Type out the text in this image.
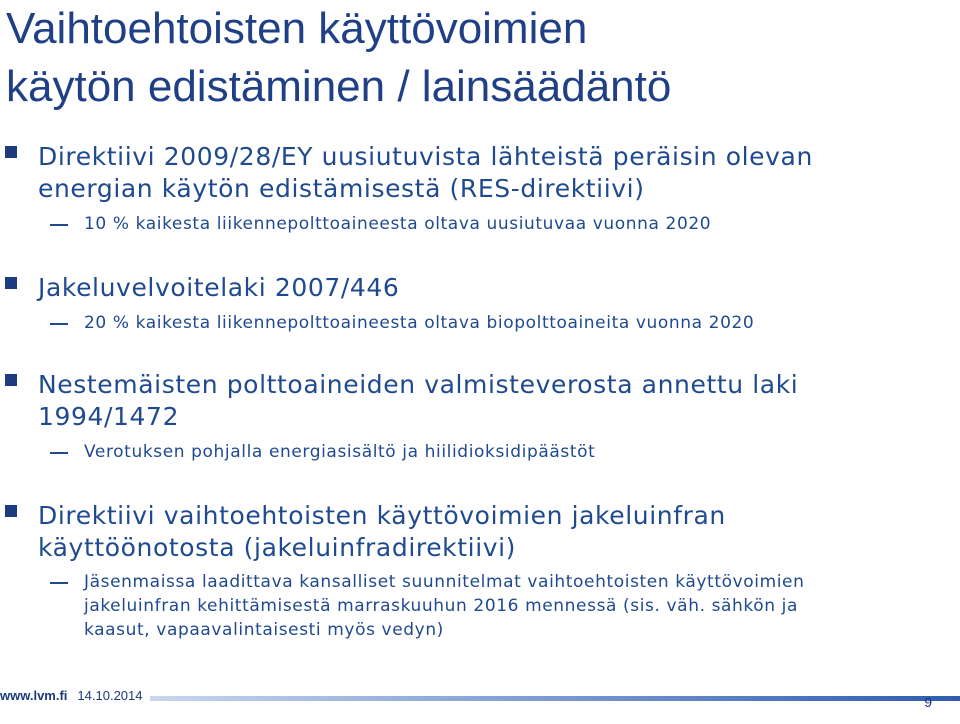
Vaihtoehtoisten käyttövoimien
käytön edistäminen / lainsäädäntö
Direktiivi 2009/28/EY uusiutuvista lähteistä peräisin olevan
energian käytön edistämisestä (RES-direktiivi)
10 % kaikesta liikennepolttoaineesta oltava uusiutuvaa vuonna 2020
Jakeluvelvoitelaki 2007/446
20 % kaikesta liikennepolttoaineesta oltava biopolttoaineita vuonna 2020
Nestemäisten polttoaineiden valmisteverosta annettu laki
1994/1472
Verotuksen pohjalla energiasisältö ja hiilidioksidipäästöt
Direktiivi vaihtoehtoisten käyttövoimien jakeluinfran
käyttöönotosta (jakeluinfradirektiivi)
Jäsenmaissa laadittava kansalliset suunnitelmat vaihtoehtoisten käyttövoimien
jakeluinfran kehittämisestä marraskuuhun 2016 mennessä (sis. väh. sähkön ja
kaasut, vapaavalintaisesti myös vedyn)
www.lvm.fi 14.10.2014	9
